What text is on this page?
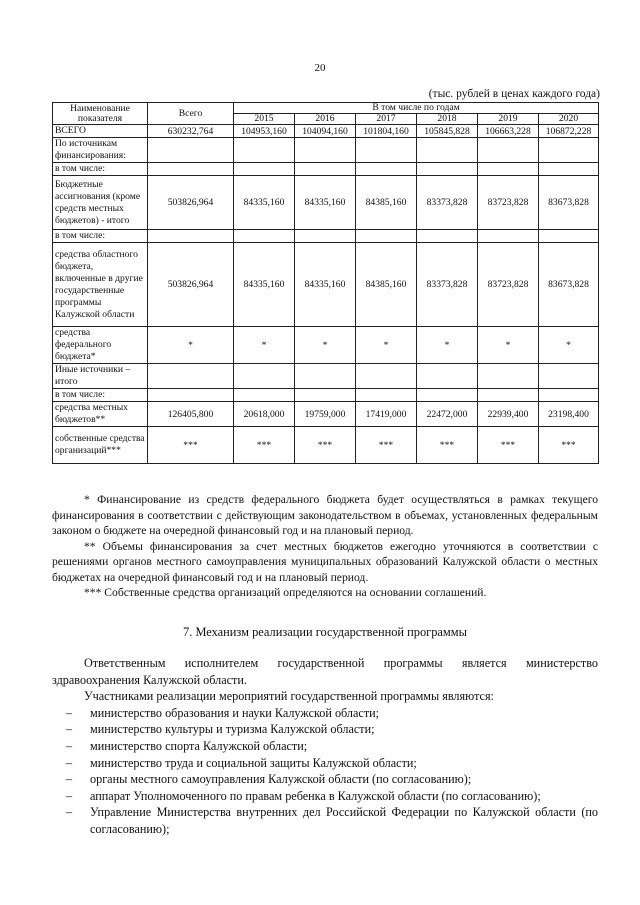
20
(тыс. рублей в ценах каждого года)
Наименование показателя	Всего	В том числе по годам					
		2015	2016	2017	2018	2019	2020
ВСЕГО	630232,764	104953,160	104094,160	101804,160	105845,828	106663,228	106872,228
По источникам финансирования:							
в том числе:							
Бюджетные ассигнования (кроме средств местных бюджетов) - итого	503826,964	84335,160	84335,160	84385,160	83373,828	83723,828	83673,828
в том числе:							
средства областного бюджета, включенные в другие государственные программы Калужской области	503826,964	84335,160	84335,160	84385,160	83373,828	83723,828	83673,828
средства федерального бюджета*	*	*	*	*	*	*	*
Иные источники – итого							
в том числе:							
средства местных бюджетов**	126405,800	20618,000	19759,000	17419,000	22472,000	22939,400	23198,400
собственные средства организаций***	***	***	***	***	***	***	***

* Финансирование из средств федерального бюджета будет осуществляться в рамках текущего финансирования в соответствии с действующим законодательством в объемах, установленных федеральным законом о бюджете на очередной финансовый год и на плановый период.

** Объемы финансирования за счет местных бюджетов ежегодно уточняются в соответствии с решениями органов местного самоуправления муниципальных образований Калужской области о местных бюджетах на очередной финансовый год и на плановый период.

*** Собственные средства организаций определяются на основании соглашений.

7. Механизм реализации государственной программы

Ответственным исполнителем государственной программы является министерство здравоохранения Калужской области.

Участниками реализации мероприятий государственной программы являются:

– министерство образования и науки Калужской области;
– министерство культуры и туризма Калужской области;
– министерство спорта Калужской области;
– министерство труда и социальной защиты Калужской области;
– органы местного самоуправления Калужской области (по согласованию);
– аппарат Уполномоченного по правам ребенка в Калужской области (по согласованию);
– Управление Министерства внутренних дел Российской Федерации по Калужской области (по согласованию);
